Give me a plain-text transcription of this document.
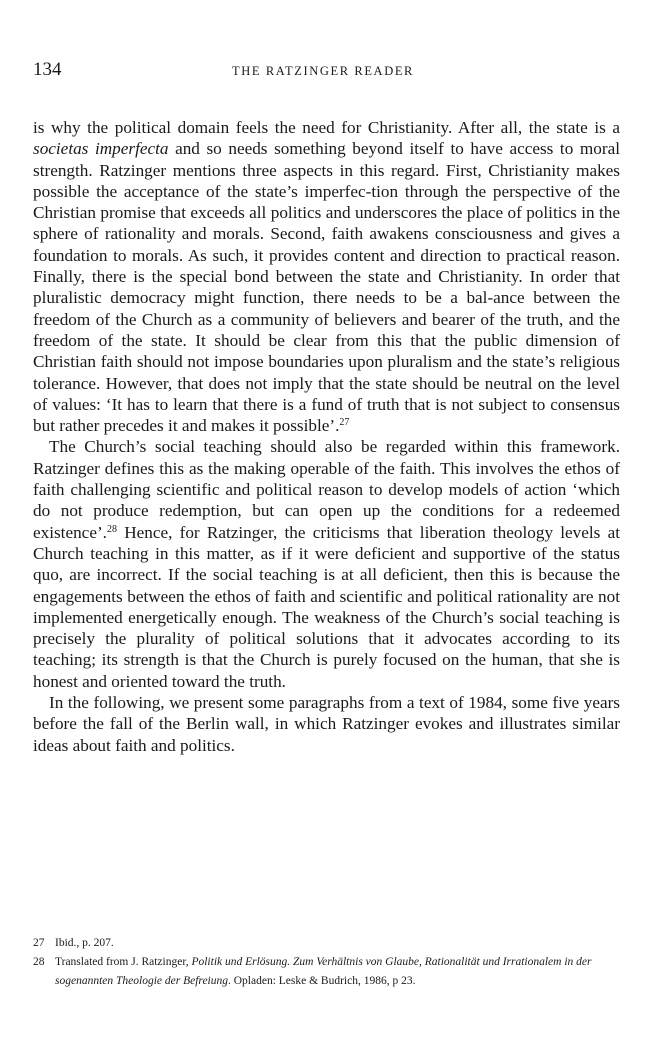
134	THE RATZINGER READER

is why the political domain feels the need for Christianity. After all, the state is a societas imperfecta and so needs something beyond itself to have access to moral strength. Ratzinger mentions three aspects in this regard. First, Christianity makes possible the acceptance of the state’s imperfec-tion through the perspective of the Christian promise that exceeds all politics and underscores the place of politics in the sphere of rationality and morals. Second, faith awakens consciousness and gives a foundation to morals. As such, it provides content and direction to practical reason. Finally, there is the special bond between the state and Christianity. In order that pluralistic democracy might function, there needs to be a bal-ance between the freedom of the Church as a community of believers and bearer of the truth, and the freedom of the state. It should be clear from this that the public dimension of Christian faith should not impose boundaries upon pluralism and the state’s religious tolerance. However, that does not imply that the state should be neutral on the level of values: ‘It has to learn that there is a fund of truth that is not subject to consensus but rather precedes it and makes it possible’.$^{27}$

The Church’s social teaching should also be regarded within this framework. Ratzinger defines this as the making operable of the faith. This involves the ethos of faith challenging scientific and political reason to develop models of action ‘which do not produce redemption, but can open up the conditions for a redeemed existence’.$^{28}$ Hence, for Ratzinger, the criticisms that liberation theology levels at Church teaching in this matter, as if it were deficient and supportive of the status quo, are incorrect. If the social teaching is at all deficient, then this is because the engagements between the ethos of faith and scientific and political rationality are not implemented energetically enough. The weakness of the Church’s social teaching is precisely the plurality of political solutions that it advocates according to its teaching; its strength is that the Church is purely focused on the human, that she is honest and oriented toward the truth.

In the following, we present some paragraphs from a text of 1984, some five years before the fall of the Berlin wall, in which Ratzinger evokes and illustrates similar ideas about faith and politics.

27 Ibid., p. 207.
28 Translated from J. Ratzinger, Politik und Erlösung. Zum Verhältnis von Glaube, Rationalität und Irrationalem in der sogenannten Theologie der Befreiung. Opladen: Leske & Budrich, 1986, p 23.
